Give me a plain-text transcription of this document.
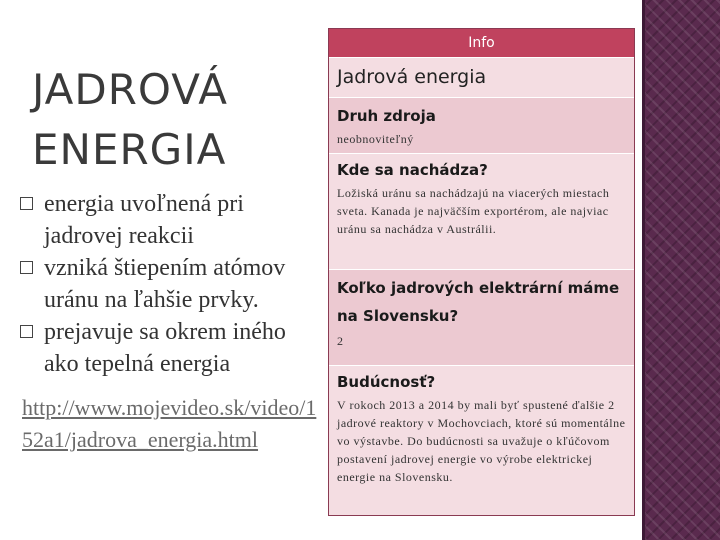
JADROVÁ
ENERGIA
energia uvoľnená pri jadrovej reakcii
vzniká štiepením atómov uránu na ľahšie prvky.
prejavuje sa okrem iného ako tepelná energia
http://www.mojevideo.sk/video/152a1/jadrova_energia.html
Info
Jadrová energia
Druh zdroja
neobnoviteľný
Kde sa nachádza?
Ložiská uránu sa nachádzajú na viacerých miestach sveta. Kanada je najväčším exportérom, ale najviac uránu sa nachádza v Austrálii.
Koľko jadrových elektrární máme na Slovensku?
2
Budúcnosť?
V rokoch 2013 a 2014 by mali byť spustené ďalšie 2 jadrové reaktory v Mochovciach, ktoré sú momentálne vo výstavbe. Do budúcnosti sa uvažuje o kľúčovom postavení jadrovej energie vo výrobe elektrickej energie na Slovensku.
